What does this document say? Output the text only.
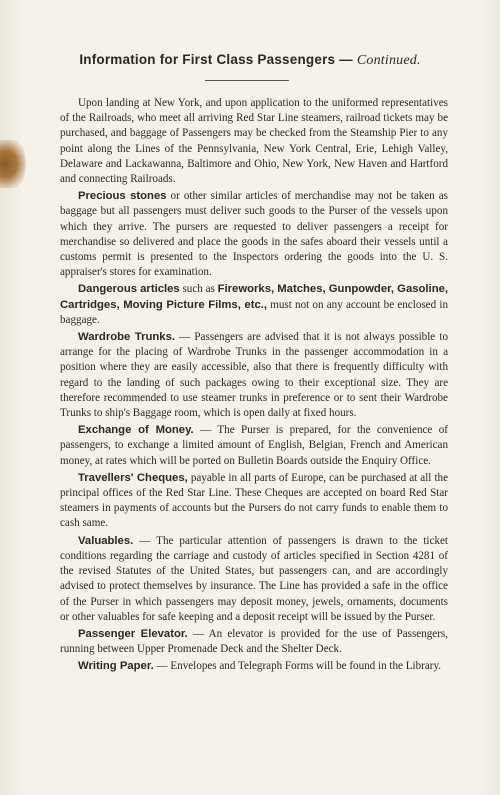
Information for First Class Passengers — Continued.

Upon landing at New York, and upon application to the uniformed representatives of the Railroads, who meet all arriving Red Star Line steamers, railroad tickets may be purchased, and baggage of Passengers may be checked from the Steamship Pier to any point along the Lines of the Pennsylvania, New York Central, Erie, Lehigh Valley, Delaware and Lackawanna, Baltimore and Ohio, New York, New Haven and Hartford and connecting Railroads.

Precious stones or other similar articles of merchandise may not be taken as baggage but all passengers must deliver such goods to the Purser of the vessels upon which they arrive. The pursers are requested to deliver passengers a receipt for merchandise so delivered and place the goods in the safes aboard their vessels until a customs permit is presented to the Inspectors ordering the goods into the U. S. appraiser's stores for examination.

Dangerous articles such as Fireworks, Matches, Gunpowder, Gasoline, Cartridges, Moving Picture Films, etc., must not on any account be enclosed in baggage.

Wardrobe Trunks. — Passengers are advised that it is not always possible to arrange for the placing of Wardrobe Trunks in the passenger accommodation in a position where they are easily accessible, also that there is frequently difficulty with regard to the landing of such packages owing to their exceptional size. They are therefore recommended to use steamer trunks in preference or to sent their Wardrobe Trunks to ship's Baggage room, which is open daily at fixed hours.

Exchange of Money. — The Purser is prepared, for the convenience of passengers, to exchange a limited amount of English, Belgian, French and American money, at rates which will be ported on Bulletin Boards outside the Enquiry Office.

Travellers' Cheques, payable in all parts of Europe, can be purchased at all the principal offices of the Red Star Line. These Cheques are accepted on board Red Star steamers in payments of accounts but the Pursers do not carry funds to enable them to cash same.

Valuables. — The particular attention of passengers is drawn to the ticket conditions regarding the carriage and custody of articles specified in Section 4281 of the revised Statutes of the United States, but passengers can, and are accordingly advised to protect themselves by insurance. The Line has provided a safe in the office of the Purser in which passengers may deposit money, jewels, ornaments, documents or other valuables for safe keeping and a deposit receipt will be issued by the Purser.

Passenger Elevator. — An elevator is provided for the use of Passengers, running between Upper Promenade Deck and the Shelter Deck.

Writing Paper. — Envelopes and Telegraph Forms will be found in the Library.
